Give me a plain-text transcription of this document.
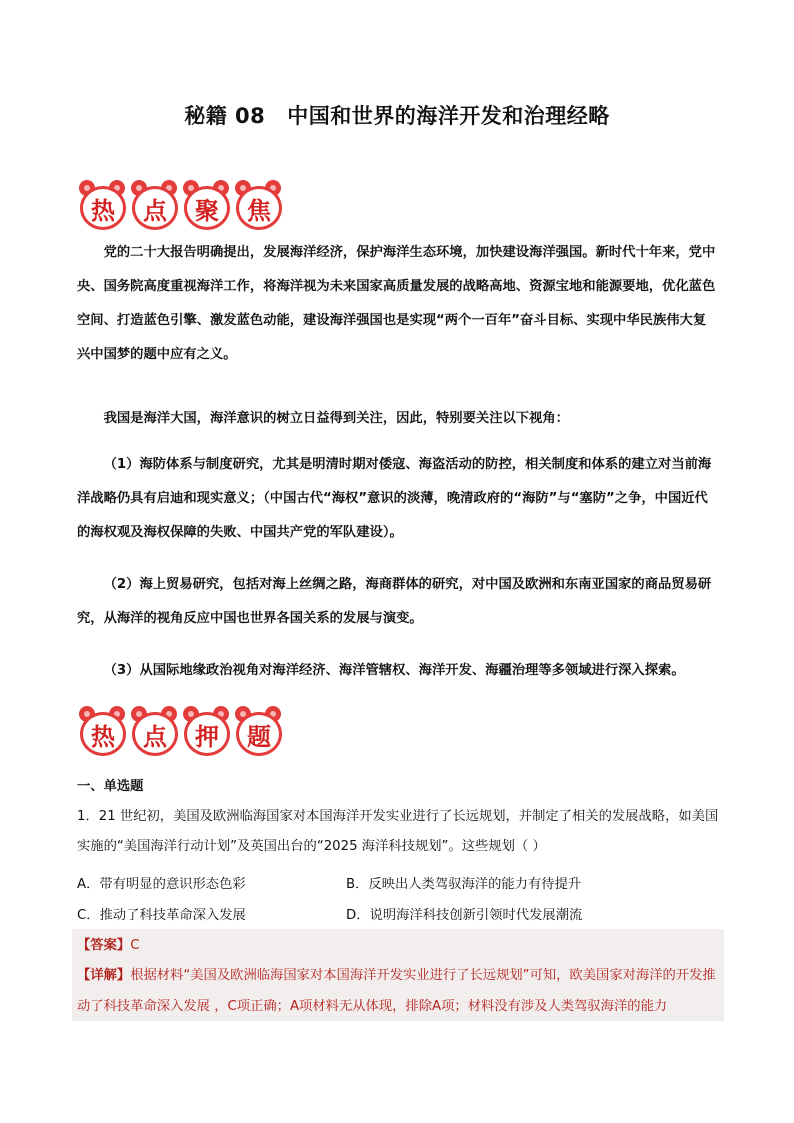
秘籍 08 中国和世界的海洋开发和治理经略
热	点	聚	焦

党的二十大报告明确提出，发展海洋经济，保护海洋生态环境，加快建设海洋强国。新时代十年来，党中央、国务院高度重视海洋工作，将海洋视为未来国家高质量发展的战略高地、资源宝地和能源要地，优化蓝色空间、打造蓝色引擎、激发蓝色动能，建设海洋强国也是实现“两个一百年”奋斗目标、实现中华民族伟大复兴中国梦的题中应有之义。

我国是海洋大国，海洋意识的树立日益得到关注，因此，特别要关注以下视角：

（1）海防体系与制度研究，尤其是明清时期对倭寇、海盗活动的防控，相关制度和体系的建立对当前海洋战略仍具有启迪和现实意义；（中国古代“海权”意识的淡薄，晚清政府的“海防”与“塞防”之争，中国近代的海权观及海权保障的失败、中国共产党的军队建设）。

（2）海上贸易研究，包括对海上丝绸之路，海商群体的研究，对中国及欧洲和东南亚国家的商品贸易研究，从海洋的视角反应中国也世界各国关系的发展与演变。

（3）从国际地缘政治视角对海洋经济、海洋管辖权、海洋开发、海疆治理等多领域进行深入探索。

热	点	押	题

一、单选题

1．21 世纪初，美国及欧洲临海国家对本国海洋开发实业进行了长远规划，并制定了相关的发展战略，如美国实施的“美国海洋行动计划”及英国出台的“2025 海洋科技规划”。这些规划（ ）

A．带有明显的意识形态色彩	B．反映出人类驾驭海洋的能力有待提升
C．推动了科技革命深入发展	D．说明海洋科技创新引领时代发展潮流

【答案】C

【详解】根据材料“美国及欧洲临海国家对本国海洋开发实业进行了长远规划”可知，欧美国家对海洋的开发推动了科技革命深入发展 ，C项正确；A项材料无从体现，排除A项；材料没有涉及人类驾驭海洋的能力
